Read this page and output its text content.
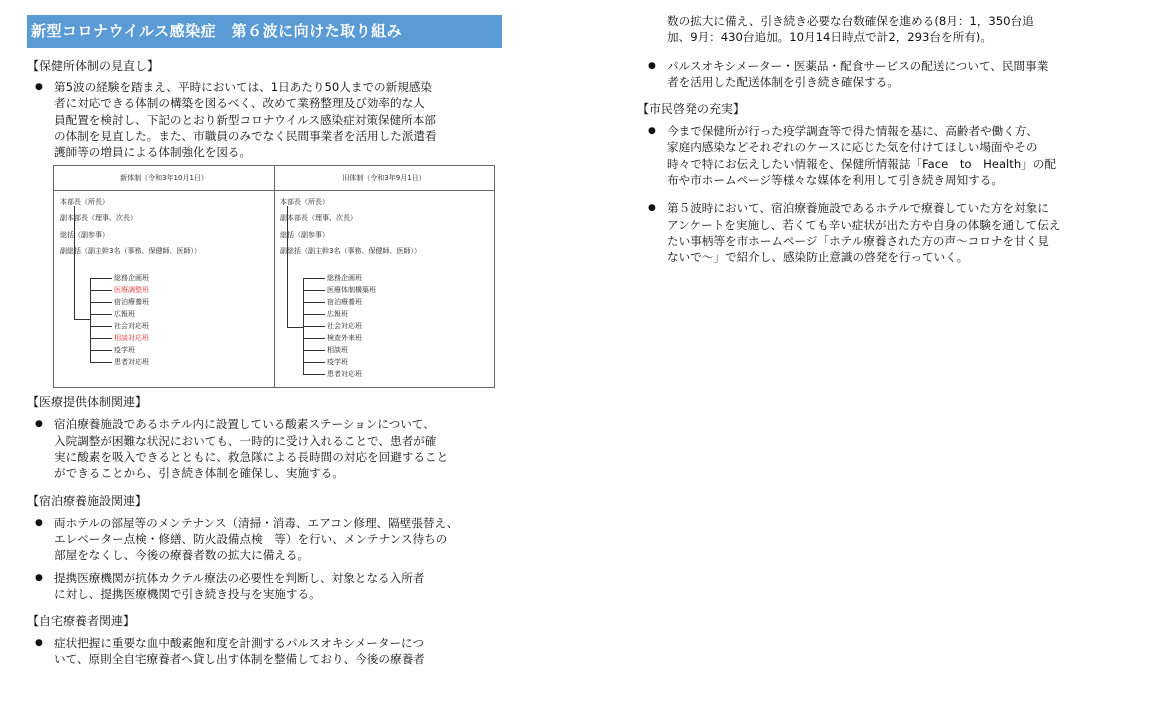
新型コロナウイルス感染症　第６波に向けた取り組み

【保健所体制の見直し】

● 第5波の経験を踏まえ、平時においては、1日あたり50人までの新規感染
者に対応できる体制の構築を図るべく、改めて業務整理及び効率的な人
員配置を検討し、下記のとおり新型コロナウイルス感染症対策保健所本部
の体制を見直した。また、市職員のみでなく民間事業者を活用した派遣看
護師等の増員による体制強化を図る。
新体制（令和3年10月1日）	旧体制（令和3年9月1日）
本部長（所長）
副本部長（理事、次長）
総括（副参事）
副総括（副主幹3名（事務、保健師、医師））
総務企画班
医療調整班
宿泊療養班
広報班
社会対応班
相談対応班
疫学班
患者対応班
本部長（所長）
副本部長（理事、次長）
総括（副参事）
副総括（副主幹3名（事務、保健師、医師））
総務企画班
医療体制構築班
宿泊療養班
広報班
社会対応班
検査外来班
相談班
疫学班
患者対応班

【医療提供体制関連】

● 宿泊療養施設であるホテル内に設置している酸素ステーションについて、
入院調整が困難な状況においても、一時的に受け入れることで、患者が確
実に酸素を吸入できるとともに、救急隊による長時間の対応を回避すること
ができることから、引き続き体制を確保し、実施する。

【宿泊療養施設関連】

● 両ホテルの部屋等のメンテナンス（清掃・消毒、エアコン修理、隔壁張替え、
エレベーター点検・修繕、防火設備点検　等）を行い、メンテナンス待ちの
部屋をなくし、今後の療養者数の拡大に備える。
● 提携医療機関が抗体カクテル療法の必要性を判断し、対象となる入所者
に対し、提携医療機関で引き続き投与を実施する。

【自宅療養者関連】

● 症状把握に重要な血中酸素飽和度を計測するパルスオキシメーターにつ
いて、原則全自宅療養者へ貸し出す体制を整備しており、今後の療養者
数の拡大に備え、引き続き必要な台数確保を進める(8月：1，350台追
加、9月：430台追加。10月14日時点で計2，293台を所有)。
● パルスオキシメーター・医薬品・配食サービスの配送について、民間事業
者を活用した配送体制を引き続き確保する。

【市民啓発の充実】

● 今まで保健所が行った疫学調査等で得た情報を基に、高齢者や働く方、
家庭内感染などそれぞれのケースに応じた気を付けてほしい場面やその
時々で特にお伝えしたい情報を、保健所情報誌「Face　to　Health」の配
布や市ホームページ等様々な媒体を利用して引き続き周知する。
● 第５波時において、宿泊療養施設であるホテルで療養していた方を対象に
アンケートを実施し、若くても辛い症状が出た方や自身の体験を通して伝え
たい事柄等を市ホームページ「ホテル療養された方の声～コロナを甘く見
ないで～」で紹介し、感染防止意識の啓発を行っていく。
